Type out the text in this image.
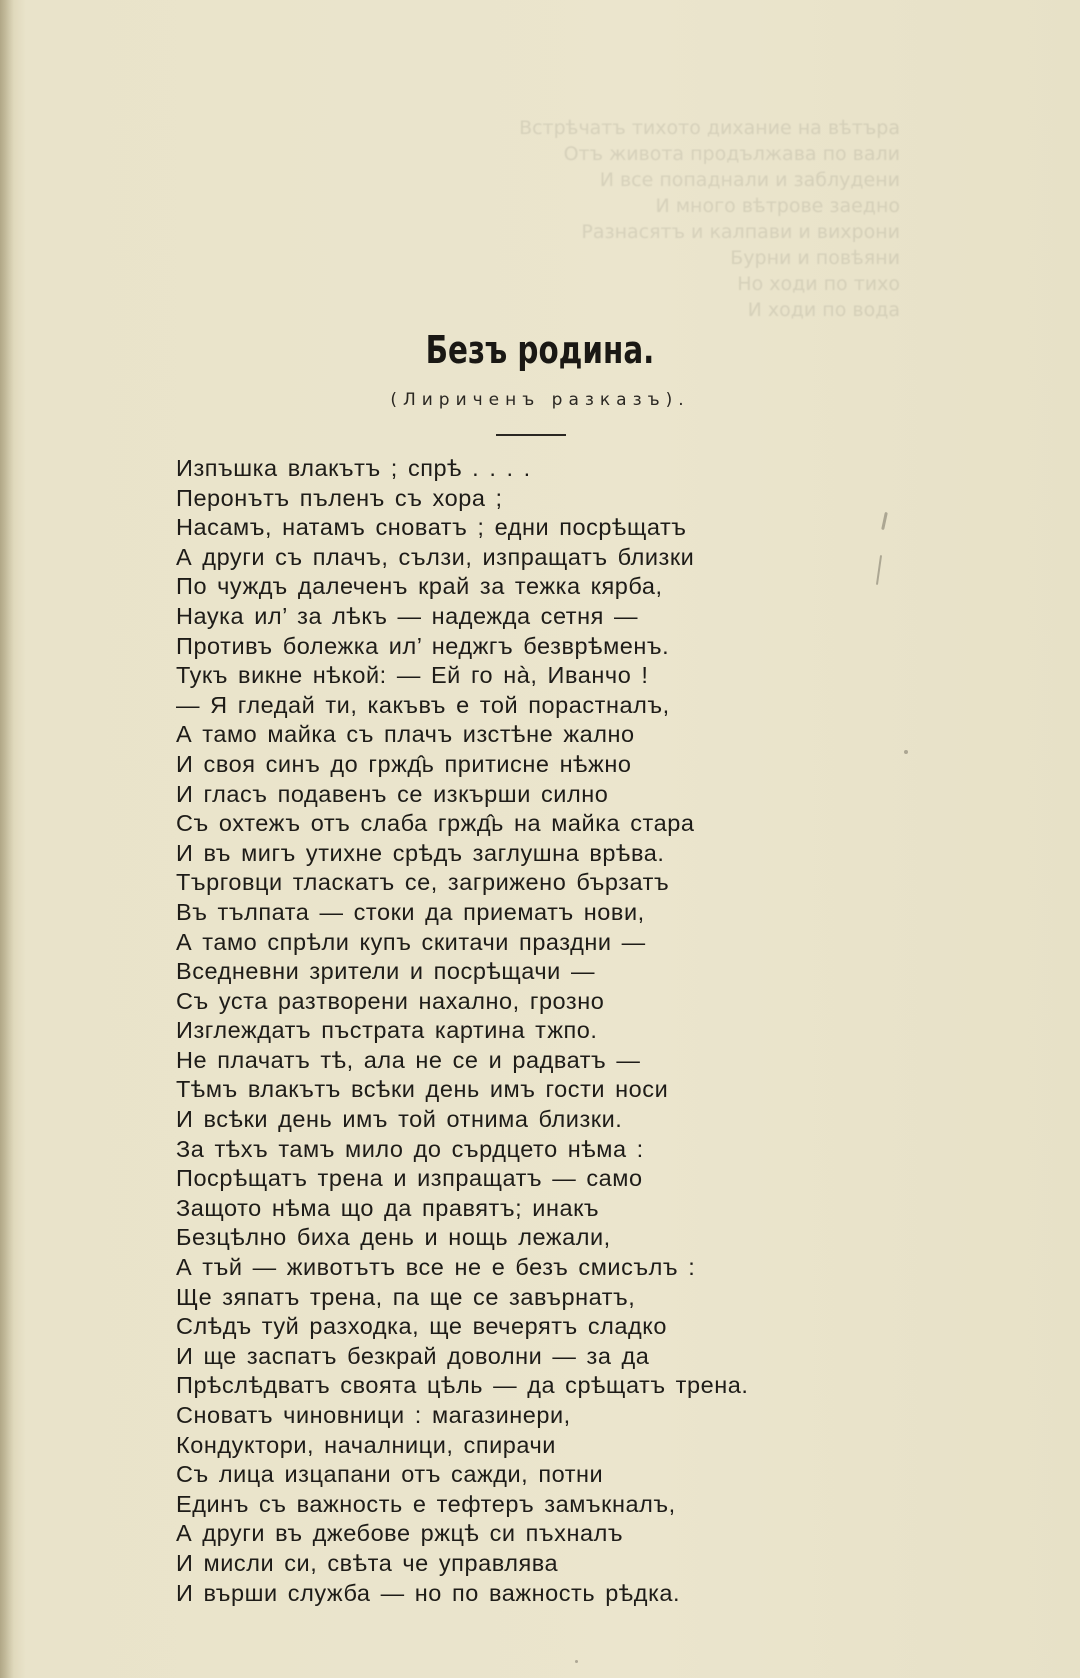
Встрѣчатъ тихото дихание на вѣтъра
Отъ живота продължава по вали
И все попаднали и заблудени
И много вѣтрове заедно
Разнасятъ и калпави и вихрони
Бурни и повѣяни
Но ходи по тихо
И ходи по вода
Безъ родина.
(Лириченъ разказъ).
Изпъшка влакътъ ; спрѣ . . . .
Перонътъ пъленъ съ хора ;
Насамъ, натамъ сноватъ ; едни посрѣщатъ
А други съ плачъ, сълзи, изпращатъ близки
По чуждъ далеченъ край за тежка кярба,
Наука ил’ за лѣкъ — надежда сетня —
Противъ болежка ил’ неджгъ безврѣменъ.
Тукъ викне нѣкой: — Ей го нà, Иванчо !
— Я гледай ти, какъвъ е той порастналъ,
А тамо майка съ плачъ изстѣне жално
И своя синъ до гржд̂ь притисне нѣжно
И гласъ подавенъ се изкърши силно
Съ охтежъ отъ слаба гржд̂ь на майка стара
И въ мигъ утихне срѣдъ заглушна врѣва.
Търговци тласкатъ се, загрижено бързатъ
Въ тълпата — стоки да приематъ нови,
А тамо спрѣли купъ скитачи праздни —
Вседневни зрители и посрѣщачи —
Съ уста разтворени нахално, грозно
Изглеждатъ пъстрата картина тжпо.
Не плачатъ тѣ, ала не се и радватъ —
Тѣмъ влакътъ всѣки день имъ гости носи
И всѣки день имъ той отнима близки.
За тѣхъ тамъ мило до сърдцето нѣма :
Посрѣщатъ трена и изпращатъ — само
Защото нѣма що да правятъ; инакъ
Безцѣлно биха день и нощь лежали,
А тъй — животътъ все не е безъ смисълъ :
Ще зяпатъ трена, па ще се завърнатъ,
Слѣдъ туй разходка, ще вечерятъ сладко
И ще заспатъ безкрай доволни — за да
Прѣслѣдватъ своята цѣль — да срѣщатъ трена.
Сноватъ чиновници : магазинери,
Кондуктори, началници, спирачи
Съ лица изцапани отъ сажди, потни
Единъ съ важность е тефтеръ замъкналъ,
А други въ джебове ржцѣ си пъхналъ
И мисли си, свѣта че управлява
И върши служба — но по важность рѣдка.
